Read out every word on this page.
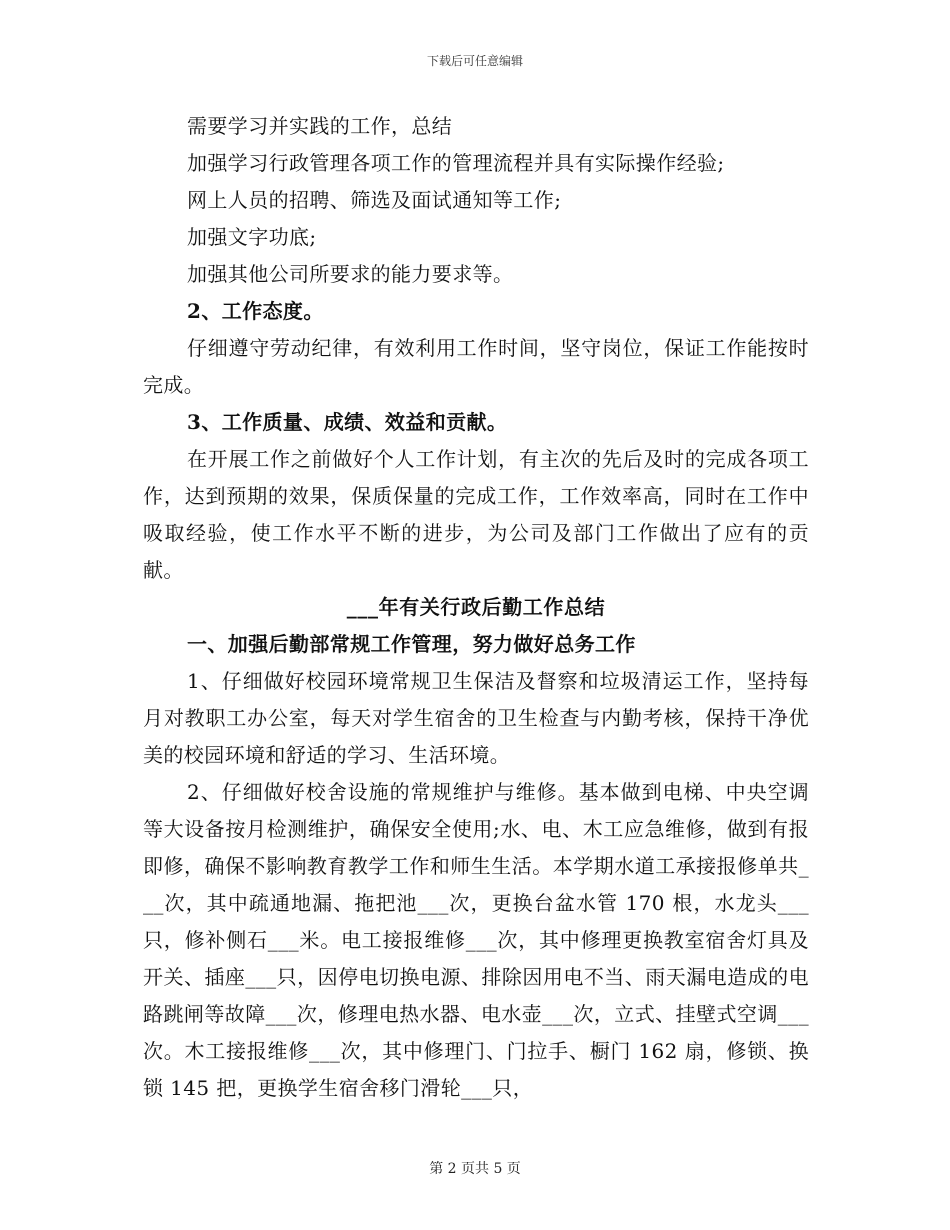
下载后可任意编辑

需要学习并实践的工作，总结

加强学习行政管理各项工作的管理流程并具有实际操作经验;

网上人员的招聘、筛选及面试通知等工作;

加强文字功底;

加强其他公司所要求的能力要求等。

2、工作态度。

仔细遵守劳动纪律，有效利用工作时间，坚守岗位，保证工作能按时完成。

3、工作质量、成绩、效益和贡献。

在开展工作之前做好个人工作计划，有主次的先后及时的完成各项工作，达到预期的效果，保质保量的完成工作，工作效率高，同时在工作中吸取经验，使工作水平不断的进步，为公司及部门工作做出了应有的贡献。

___年有关行政后勤工作总结

一、加强后勤部常规工作管理，努力做好总务工作

1、仔细做好校园环境常规卫生保洁及督察和垃圾清运工作，坚持每月对教职工办公室，每天对学生宿舍的卫生检查与内勤考核，保持干净优美的校园环境和舒适的学习、生活环境。

2、仔细做好校舍设施的常规维护与维修。基本做到电梯、中央空调等大设备按月检测维护，确保安全使用;水、电、木工应急维修，做到有报即修，确保不影响教育教学工作和师生生活。本学期水道工承接报修单共___次，其中疏通地漏、拖把池___次，更换台盆水管 170 根，水龙头___只，修补侧石___米。电工接报维修___次，其中修理更换教室宿舍灯具及开关、插座___只，因停电切换电源、排除因用电不当、雨天漏电造成的电路跳闸等故障___次，修理电热水器、电水壶___次，立式、挂壁式空调___次。木工接报维修___次，其中修理门、门拉手、橱门 162 扇，修锁、换锁 145 把，更换学生宿舍移门滑轮___只，

第 2 页共 5 页
